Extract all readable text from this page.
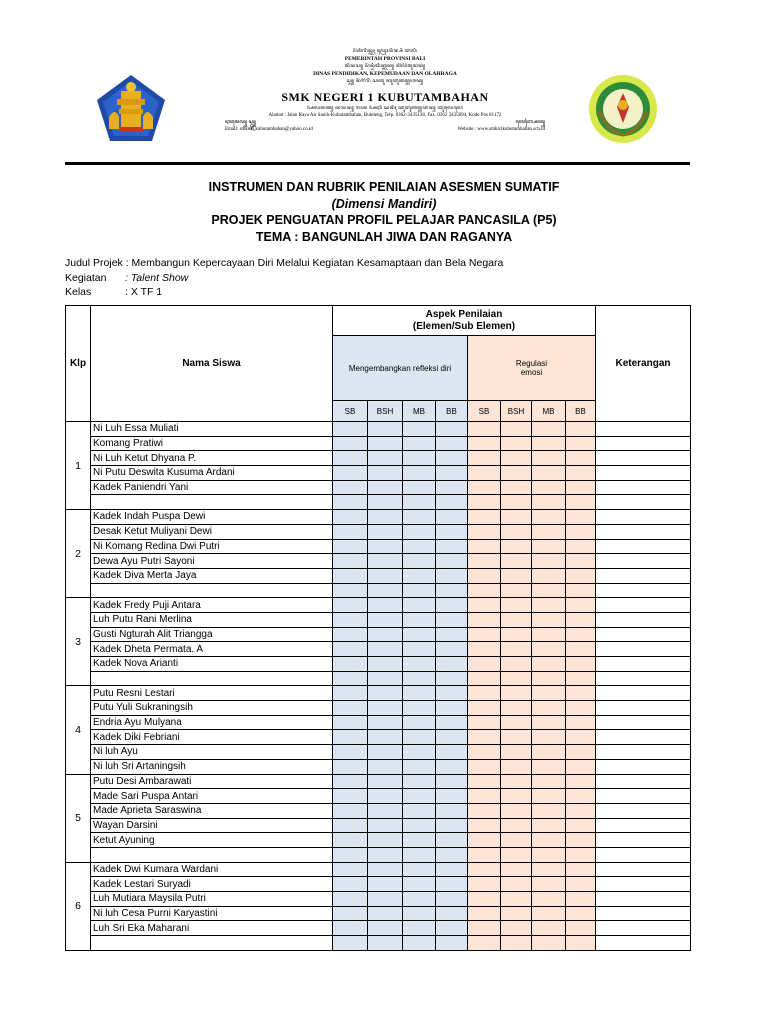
ꦥꦼꦩꦼꦫꦶꦤ꧀ꦠꦃ ꦥꦿꦺꦴꦥꦶꦤ꧀ꦱꦶ ꦧꦭꦶ
PEMERINTAH PROVINSI BALI
ꦢꦶꦤꦱ꧀ ꦥꦼꦤ꧀ꦢꦶꦢꦶꦏ꧀ꦏꦤ꧀ ꦏꦼꦥꦼꦩꦸꦢꦤ꧀
DINAS PENDIDIKAN, KEPEMUDAAN DAN OLAHRAGA
ꦱ꧀ꦩ꧀ꦏ꧀ ꦤꦼꦒꦼꦫꦶ ꦱꦠꦸ ꦏꦸꦧꦸꦠꦩ꧀ꦧꦲꦤ꧀
SMK NEGERI 1 KUBUTAMBAHAN
ꦄꦭꦩꦠ꧀ ꦗꦭꦤ꧀ ꦫꦪ ꦄꦆꦂ ꦱꦤꦶꦃ ꦏꦸꦧꦸꦠꦩ꧀ꦧꦲꦤ꧀ ꦧꦸꦭꦺꦭꦺꦁ
Alamat : Jalan Raya Air Sanih-Kubutambahan, Buleleng, Telp. 0362-3435138, Fax. 0362 3435094, Kode Pos 81172
ꦆꦩꦺꦭ꧀ ꦱ꧀ꦩ꧀ꦏ꧀	ꦮꦺꦧ꧀ꦱꦻꦠ꧀
Email: smkn1_kubutambahan@yahoo.co.id	Website : www.smkn1kubutambahan.sch.id
INSTRUMEN DAN RUBRIK PENILAIAN ASESMEN SUMATIF
(Dimensi Mandiri)
PROJEK PENGUATAN PROFIL PELAJAR PANCASILA (P5)
TEMA : BANGUNLAH JIWA DAN RAGANYA
Judul Projek : Membangun Kepercayaan Diri Melalui Kegiatan Kesamaptaan dan Bela Negara
Kegiatan	: Talent Show
Kelas	: X TF 1
Klp	Nama Siswa	Aspek Penilaian
(Elemen/Sub Elemen)								Keterangan
		Mengembangkan refleksi diri				Regulasi
emosi				

		SB	BSH	MB	BB	SB	BSH	MB	BB	
1	Ni Luh Essa Muliati									
	Komang Pratiwi									
	Ni Luh Ketut Dhyana P.									
	Ni Putu Deswita Kusuma Ardani									
	Kadek Paniendri Yani									

2	Kadek Indah Puspa Dewi									
	Desak Ketut Muliyani Dewi									
	Ni Komang Redina Dwi Putri									
	Dewa Ayu Putri Sayoni									
	Kadek Diva Merta Jaya									

3	Kadek Fredy Puji Antara									
	Luh Putu Rani Merlina									
	Gusti Ngturah Alit Triangga									
	Kadek Dheta Permata. A									
	Kadek Nova Arianti									

4	Putu Resni Lestari									
	Putu Yuli Sukraningsih									
	Endria Ayu Mulyana									
	Kadek Diki Febriani									
	Ni luh Ayu									
	Ni luh Sri Artaningsih									
5	Putu Desi Ambarawati									
	Made Sari Puspa Antari									
	Made Aprieta Saraswina									
	Wayan Darsini									
	Ketut Ayuning									

6	Kadek Dwi Kumara Wardani									
	Kadek Lestari Suryadi									
	Luh Mutiara Maysila Putri									
	Ni luh Cesa Purni Karyastini									
	Luh Sri Eka Maharani									
